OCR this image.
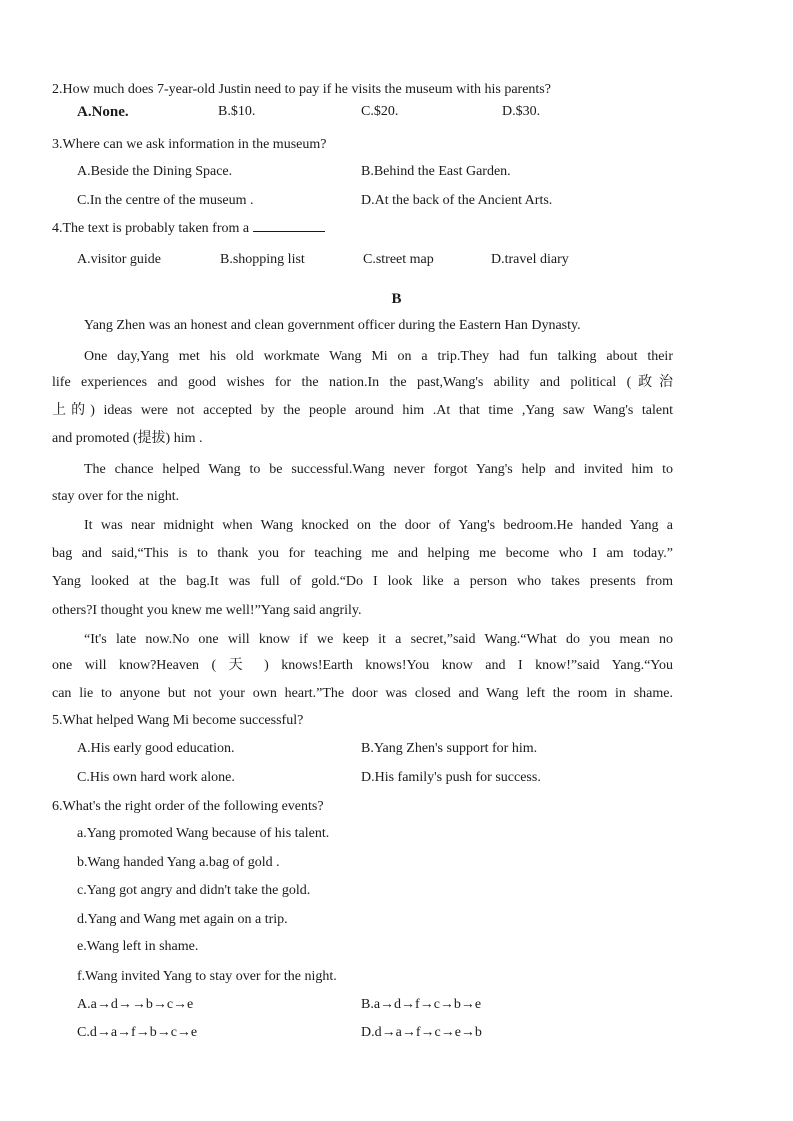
2.How much does 7-year-old Justin need to pay if he visits the museum with his parents?
A.None.	B.$10.	C.$20.	D.$30.
3.Where can we ask information in the museum?
A.Beside the Dining Space.	B.Behind the East Garden.
C.In the centre of the museum .	D.At the back of the Ancient Arts.
4.The text is probably taken from a
A.visitor guide	B.shopping list	C.street map	D.travel diary
B
Yang Zhen was an honest and clean government officer during the Eastern Han Dynasty.
One day,Yang met his old workmate Wang Mi on a trip.They had fun talking about their
life experiences and good wishes for the nation.In the past,Wang's ability and political (政治
上的) ideas were not accepted by the people around him .At that time ,Yang saw Wang's talent
and promoted (提拔) him .
The chance helped Wang to be successful.Wang never forgot Yang's help and invited him to
stay over for the night.
It was near midnight when Wang knocked on the door of Yang's bedroom.He handed Yang a
bag and said,“This is to thank you for teaching me and helping me become who I am today.”
Yang looked at the bag.It was full of gold.“Do I look like a person who takes presents from
others?I thought you knew me well!”Yang said angrily.
“It's late now.No one will know if we keep it a secret,”said Wang.“What do you mean no
one will know?Heaven ( 天 ) knows!Earth knows!You know and I know!”said Yang.“You
can lie to anyone but not your own heart.”The door was closed and Wang left the room in shame.
5.What helped Wang Mi become successful?
A.His early good education.	B.Yang Zhen's support for him.
C.His own hard work alone.	D.His family's push for success.
6.What's the right order of the following events?
a.Yang promoted Wang because of his talent.
b.Wang handed Yang a.bag of gold .
c.Yang got angry and didn't take the gold.
d.Yang and Wang met again on a trip.
e.Wang left in shame.
f.Wang invited Yang to stay over for the night.
A.a→d→→b→c→e	B.a→d→f→c→b→e
C.d→a→f→b→c→e	D.d→a→f→c→e→b
